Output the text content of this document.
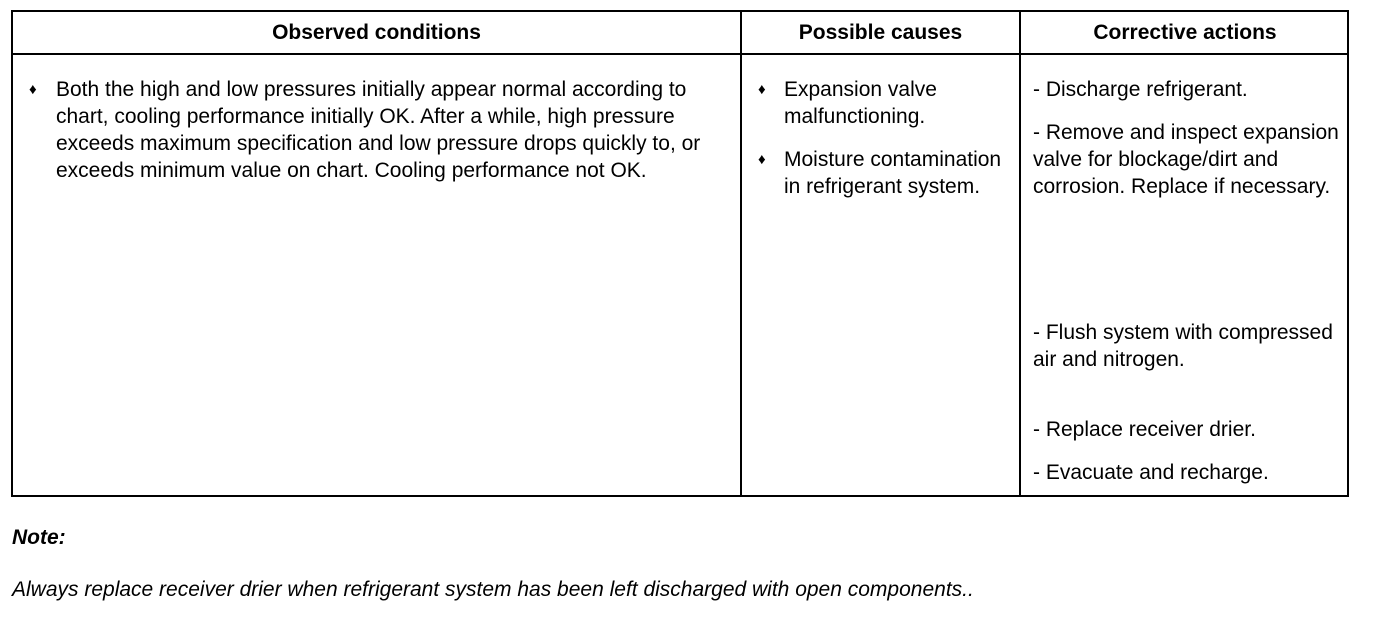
Observed conditions	Possible causes	Corrective actions
♦ Both the high and low pressures initially appear normal according to chart, cooling performance initially OK. After a while, high pressure exceeds maximum specification and low pressure drops quickly to, or exceeds minimum value on chart. Cooling performance not OK.
♦ Expansion valve malfunctioning.
♦ Moisture contamination in refrigerant system.
- Discharge refrigerant.
- Remove and inspect expansion valve for blockage/dirt and corrosion. Replace if necessary.
- Flush system with compressed air and nitrogen.
- Replace receiver drier.
- Evacuate and recharge.
Note:
Always replace receiver drier when refrigerant system has been left discharged with open components..
